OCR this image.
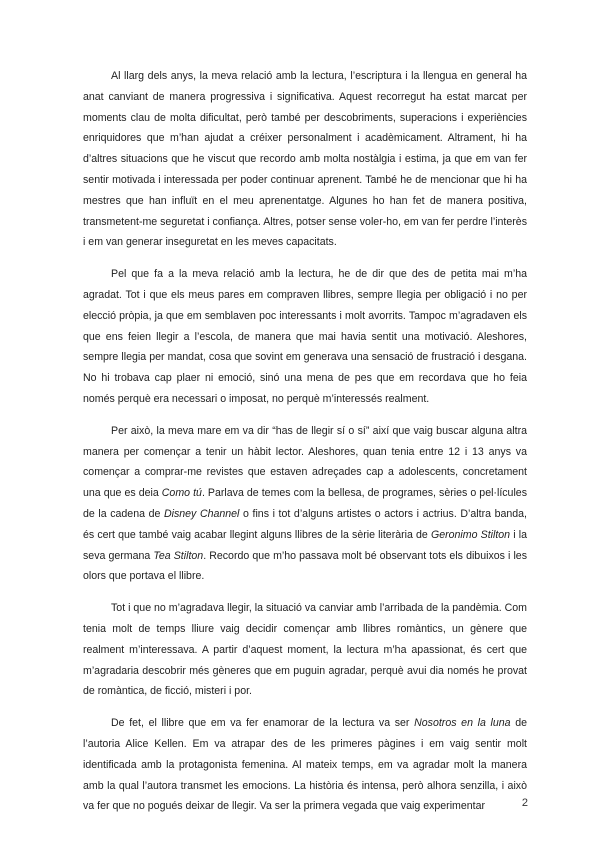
Al llarg dels anys, la meva relació amb la lectura, l’escriptura i la llengua en general ha anat canviant de manera progressiva i significativa. Aquest recorregut ha estat marcat per moments clau de molta dificultat, però també per descobriments, superacions i experiències enriquidores que m’han ajudat a créixer personalment i acadèmicament. Altrament, hi ha d’altres situacions que he viscut que recordo amb molta nostàlgia i estima, ja que em van fer sentir motivada i interessada per poder continuar aprenent. També he de mencionar que hi ha mestres que han influït en el meu aprenentatge. Algunes ho han fet de manera positiva, transmetent-me seguretat i confiança. Altres, potser sense voler-ho, em van fer perdre l’interès i em van generar inseguretat en les meves capacitats.

Pel que fa a la meva relació amb la lectura, he de dir que des de petita mai m’ha agradat. Tot i que els meus pares em compraven llibres, sempre llegia per obligació i no per elecció pròpia, ja que em semblaven poc interessants i molt avorrits. Tampoc m’agradaven els que ens feien llegir a l’escola, de manera que mai havia sentit una motivació. Aleshores, sempre llegia per mandat, cosa que sovint em generava una sensació de frustració i desgana. No hi trobava cap plaer ni emoció, sinó una mena de pes que em recordava que ho feia només perquè era necessari o imposat, no perquè m’interessés realment.

Per això, la meva mare em va dir “has de llegir sí o sí” així que vaig buscar alguna altra manera per començar a tenir un hàbit lector. Aleshores, quan tenia entre 12 i 13 anys va començar a comprar-me revistes que estaven adreçades cap a adolescents, concretament una que es deia Como tú. Parlava de temes com la bellesa, de programes, sèries o pel·lícules de la cadena de Disney Channel o fins i tot d’alguns artistes o actors i actrius. D’altra banda, és cert que també vaig acabar llegint alguns llibres de la sèrie literària de Geronimo Stilton i la seva germana Tea Stilton. Recordo que m’ho passava molt bé observant tots els dibuixos i les olors que portava el llibre.

Tot i que no m’agradava llegir, la situació va canviar amb l’arribada de la pandèmia. Com tenia molt de temps lliure vaig decidir començar amb llibres romàntics, un gènere que realment m’interessava. A partir d’aquest moment, la lectura m’ha apassionat, és cert que m’agradaria descobrir més gèneres que em puguin agradar, perquè avui dia només he provat de romàntica, de ficció, misteri i por.

De fet, el llibre que em va fer enamorar de la lectura va ser Nosotros en la luna de l’autoria Alice Kellen. Em va atrapar des de les primeres pàgines i em vaig sentir molt identificada amb la protagonista femenina. Al mateix temps, em va agradar molt la manera amb la qual l’autora transmet les emocions. La història és intensa, però alhora senzilla, i això va fer que no pogués deixar de llegir. Va ser la primera vegada que vaig experimentar	2
